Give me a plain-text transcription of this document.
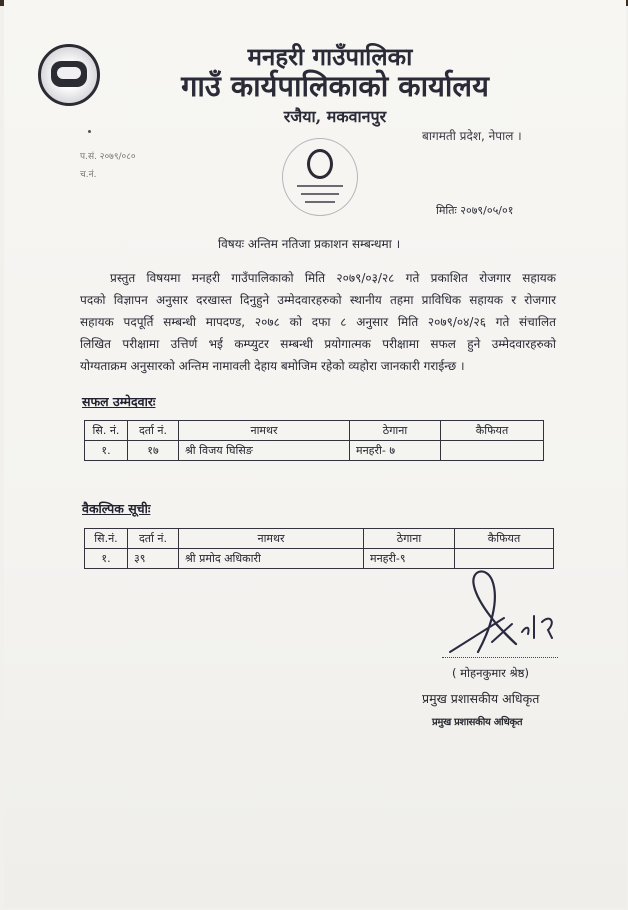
मनहरी गाउँपालिका
गाउँ कार्यपालिकाको कार्यालय
रजैया, मकवानपुर
बागमती प्रदेश, नेपाल ।
प.सं. २०७९/०८०
च.नं.
मितिः २०७९/०५/०१
विषयः अन्तिम नतिजा प्रकाशन सम्बन्धमा ।
प्रस्तुत विषयमा मनहरी गाउँपालिकाको मिति २०७९/०३/२८ गते प्रकाशित रोजगार सहायक
पदको विज्ञापन अनुसार दरखास्त दिनुहुने उम्मेदवारहरुको स्थानीय तहमा प्राविधिक सहायक र रोजगार
सहायक पदपूर्ति सम्बन्धी मापदण्ड, २०७८ को दफा ८ अनुसार मिति २०७९/०४/२६ गते संचालित
लिखित परीक्षामा उत्तिर्ण भई कम्प्युटर सम्बन्धी प्रयोगात्मक परीक्षामा सफल हुने उम्मेदवारहरुको
योग्यताक्रम अनुसारको अन्तिम नामावली देहाय बमोजिम रहेको व्यहोरा जानकारी गराईन्छ ।
सफल उम्मेदवारः
सि. नं.	दर्ता नं.	नामथर	ठेगाना	कैफियत
१.	१७	श्री विजय घिसिङ	मनहरी- ७	
वैकल्पिक सूचीः
सि.नं.	दर्ता नं.	नामथर	ठेगाना	कैफियत
१.	३९	श्री प्रमोद अधिकारी	मनहरी-९	
( मोहनकुमार श्रेष्ठ)
प्रमुख प्रशासकीय अधिकृत
प्रमुख प्रशासकीय अधिकृत
